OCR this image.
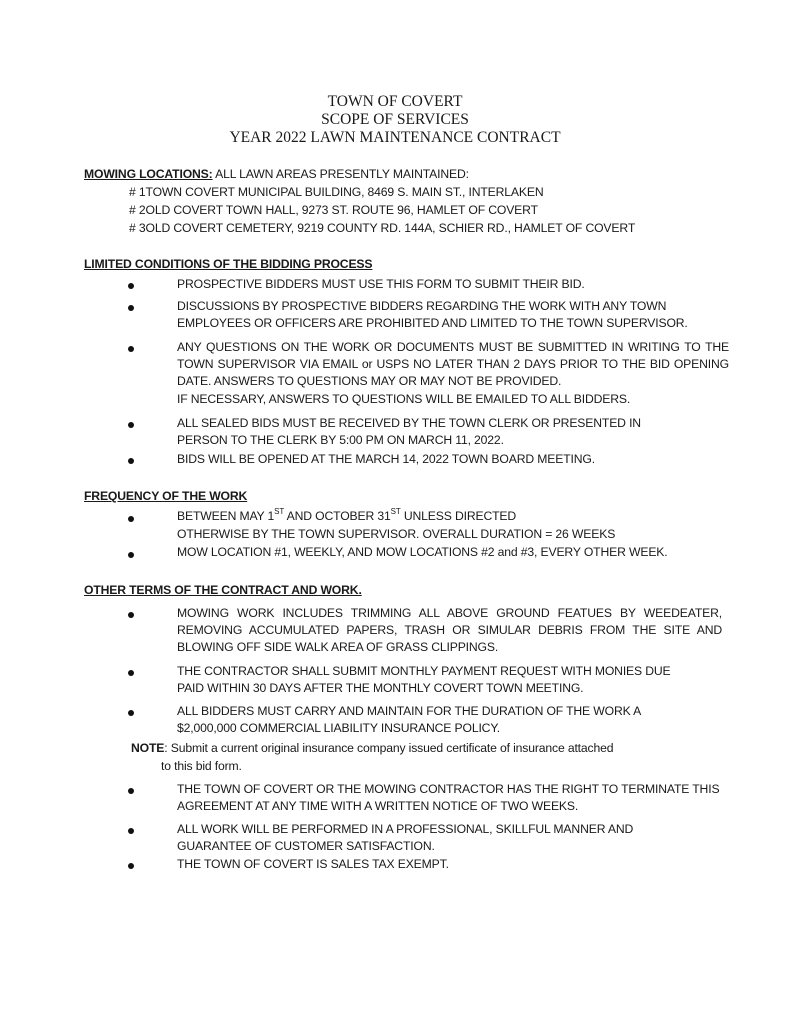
TOWN OF COVERT
SCOPE OF SERVICES
YEAR 2022 LAWN MAINTENANCE CONTRACT
MOWING LOCATIONS: ALL LAWN AREAS PRESENTLY MAINTAINED:
# 1TOWN COVERT MUNICIPAL BUILDING, 8469 S. MAIN ST., INTERLAKEN
# 2OLD COVERT TOWN HALL, 9273 ST. ROUTE 96, HAMLET OF COVERT
# 3OLD COVERT CEMETERY, 9219 COUNTY RD. 144A, SCHIER RD., HAMLET OF COVERT
LIMITED CONDITIONS OF THE BIDDING PROCESS
PROSPECTIVE BIDDERS MUST USE THIS FORM TO SUBMIT THEIR BID.
DISCUSSIONS BY PROSPECTIVE BIDDERS REGARDING THE WORK WITH ANY TOWN EMPLOYEES OR OFFICERS ARE PROHIBITED AND LIMITED TO THE TOWN SUPERVISOR.
ANY QUESTIONS ON THE WORK OR DOCUMENTS MUST BE SUBMITTED IN WRITING TO THE TOWN SUPERVISOR VIA EMAIL or USPS NO LATER THAN 2 DAYS PRIOR TO THE BID OPENING DATE. ANSWERS TO QUESTIONS MAY OR MAY NOT BE PROVIDED.
IF NECESSARY, ANSWERS TO QUESTIONS WILL BE EMAILED TO ALL BIDDERS.
ALL SEALED BIDS MUST BE RECEIVED BY THE TOWN CLERK OR PRESENTED IN PERSON TO THE CLERK BY 5:00 PM ON MARCH 11, 2022.
BIDS WILL BE OPENED AT THE MARCH 14, 2022 TOWN BOARD MEETING.
FREQUENCY OF THE WORK
BETWEEN MAY 1ST AND OCTOBER 31ST UNLESS DIRECTED
OTHERWISE BY THE TOWN SUPERVISOR. OVERALL DURATION = 26 WEEKS
MOW LOCATION #1, WEEKLY, AND MOW LOCATIONS #2 and #3, EVERY OTHER WEEK.
OTHER TERMS OF THE CONTRACT AND WORK.
MOWING WORK INCLUDES TRIMMING ALL ABOVE GROUND FEATUES BY WEEDEATER, REMOVING ACCUMULATED PAPERS, TRASH OR SIMULAR DEBRIS FROM THE SITE AND BLOWING OFF SIDE WALK AREA OF GRASS CLIPPINGS.
THE CONTRACTOR SHALL SUBMIT MONTHLY PAYMENT REQUEST WITH MONIES DUE PAID WITHIN 30 DAYS AFTER THE MONTHLY COVERT TOWN MEETING.
ALL BIDDERS MUST CARRY AND MAINTAIN FOR THE DURATION OF THE WORK A $2,000,000 COMMERCIAL LIABILITY INSURANCE POLICY.
NOTE: Submit a current original insurance company issued certificate of insurance attached
to this bid form.
THE TOWN OF COVERT OR THE MOWING CONTRACTOR HAS THE RIGHT TO TERMINATE THIS AGREEMENT AT ANY TIME WITH A WRITTEN NOTICE OF TWO WEEKS.
ALL WORK WILL BE PERFORMED IN A PROFESSIONAL, SKILLFUL MANNER AND GUARANTEE OF CUSTOMER SATISFACTION.
THE TOWN OF COVERT IS SALES TAX EXEMPT.
